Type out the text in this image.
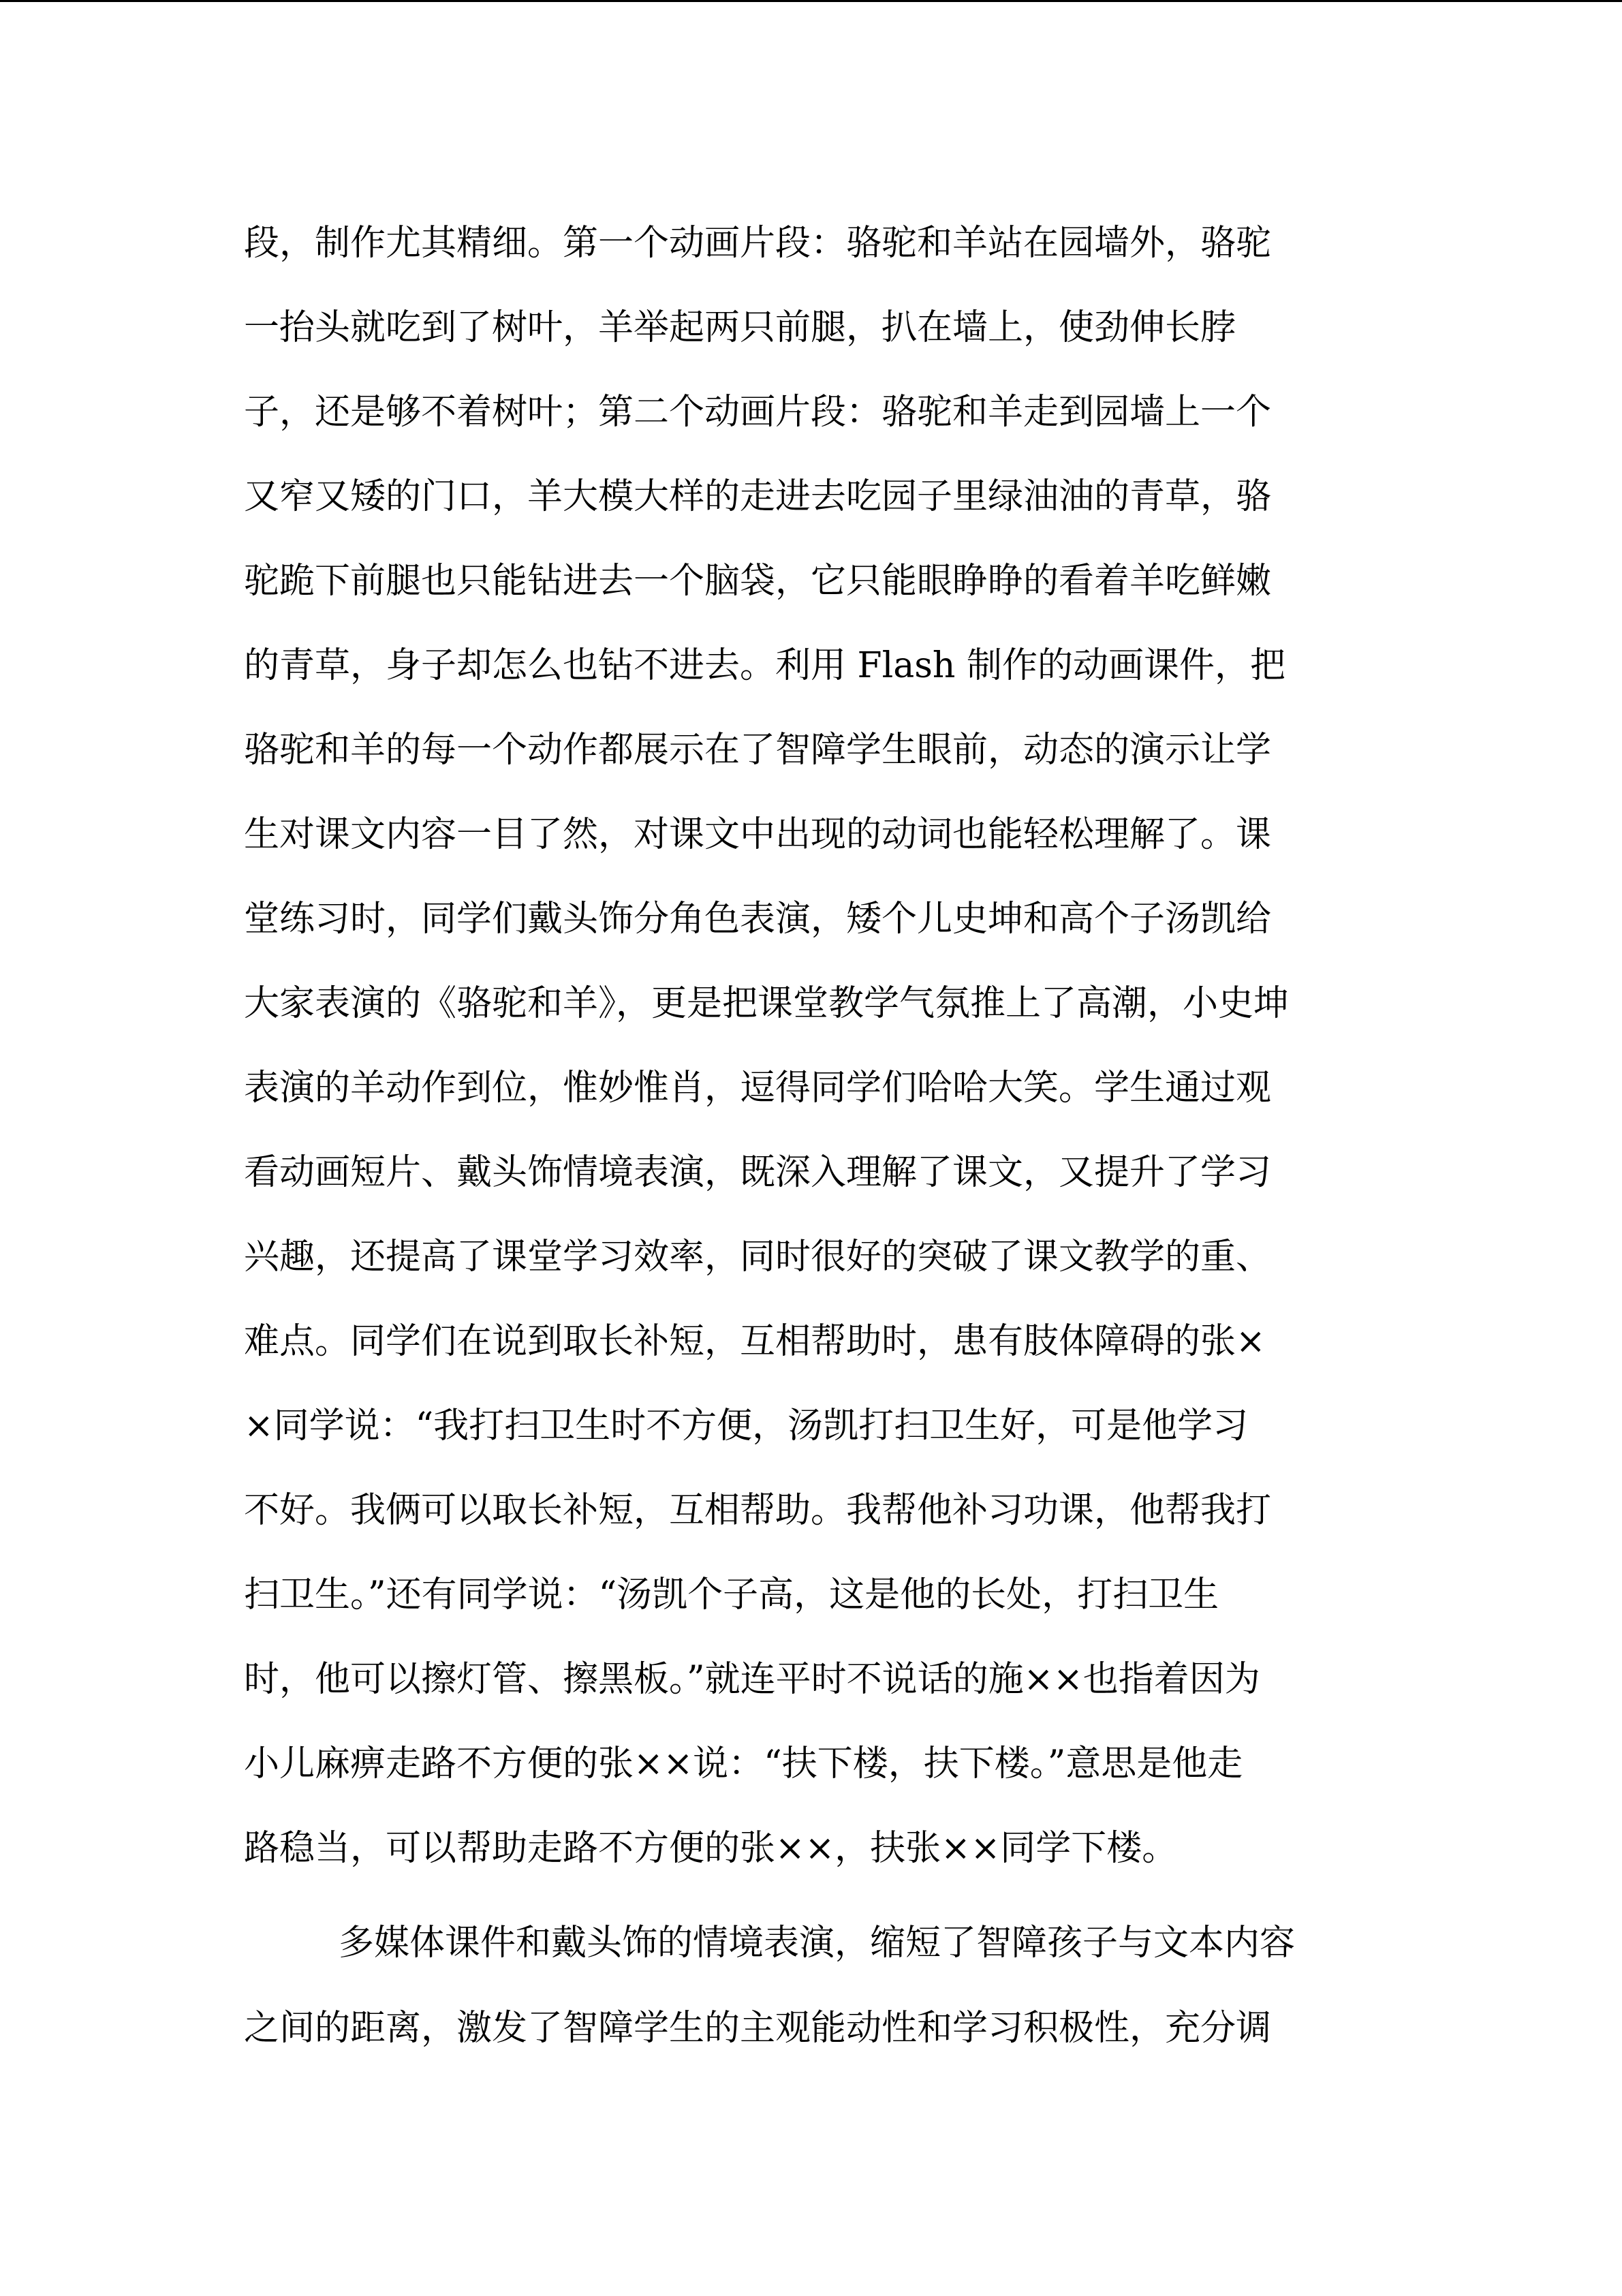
段，制作尤其精细。第一个动画片段：骆驼和羊站在园墙外，骆驼

一抬头就吃到了树叶，羊举起两只前腿，扒在墙上，使劲伸长脖

子，还是够不着树叶；第二个动画片段：骆驼和羊走到园墙上一个

又窄又矮的门口，羊大模大样的走进去吃园子里绿油油的青草，骆

驼跪下前腿也只能钻进去一个脑袋，它只能眼睁睁的看着羊吃鲜嫩

的青草，身子却怎么也钻不进去。利用 Flash 制作的动画课件，把

骆驼和羊的每一个动作都展示在了智障学生眼前，动态的演示让学

生对课文内容一目了然，对课文中出现的动词也能轻松理解了。课

堂练习时，同学们戴头饰分角色表演，矮个儿史坤和高个子汤凯给

大家表演的《骆驼和羊》，更是把课堂教学气氛推上了高潮，小史坤

表演的羊动作到位，惟妙惟肖，逗得同学们哈哈大笑。学生通过观

看动画短片、戴头饰情境表演，既深入理解了课文，又提升了学习

兴趣，还提高了课堂学习效率，同时很好的突破了课文教学的重、

难点。同学们在说到取长补短，互相帮助时，患有肢体障碍的张×

×同学说：“我打扫卫生时不方便，汤凯打扫卫生好，可是他学习

不好。我俩可以取长补短，互相帮助。我帮他补习功课，他帮我打

扫卫生。”还有同学说：“汤凯个子高，这是他的长处，打扫卫生

时，他可以擦灯管、擦黑板。”就连平时不说话的施××也指着因为

小儿麻痹走路不方便的张××说：“扶下楼，扶下楼。”意思是他走

路稳当，可以帮助走路不方便的张××，扶张××同学下楼。

多媒体课件和戴头饰的情境表演，缩短了智障孩子与文本内容

之间的距离，激发了智障学生的主观能动性和学习积极性，充分调
